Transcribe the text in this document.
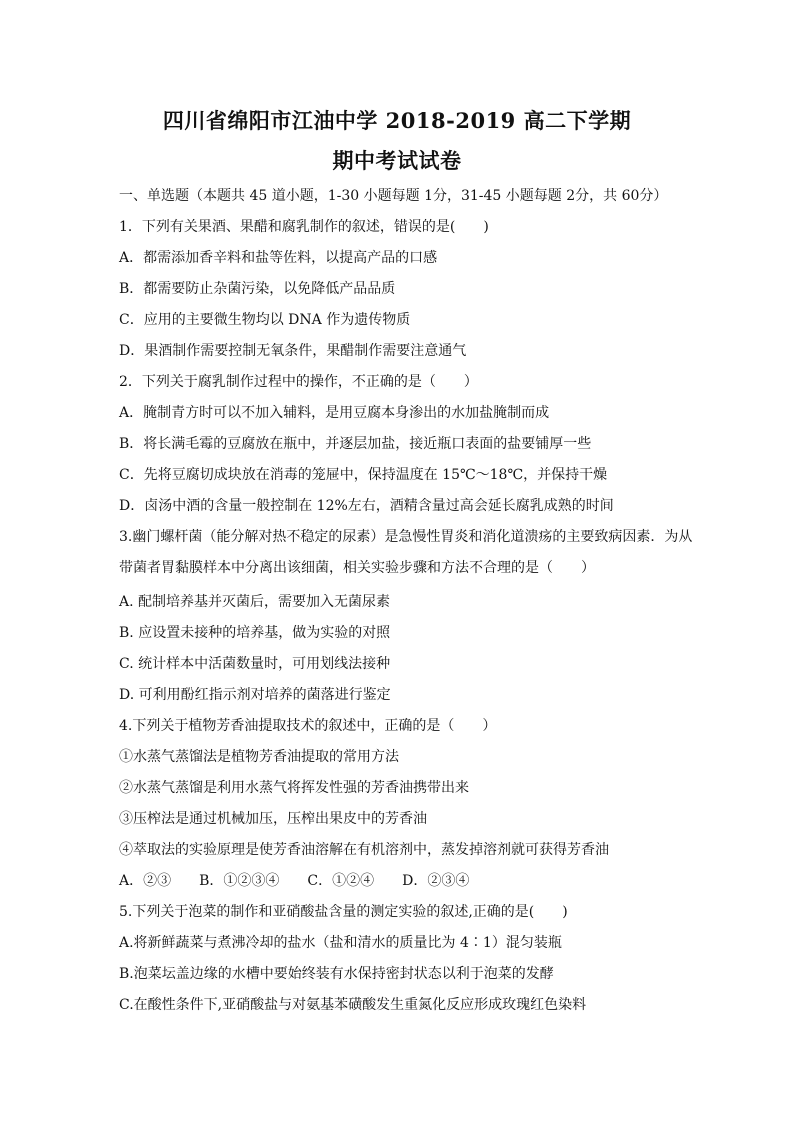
四川省绵阳市江油中学 2018-2019 高二下学期
期中考试试卷
一、单选题（本题共 45 道小题，1-30 小题每题 1分，31-45 小题每题 2分，共 60分）
1．下列有关果酒、果醋和腐乳制作的叙述，错误的是(　　)
A．都需添加香辛料和盐等佐料，以提高产品的口感
B．都需要防止杂菌污染，以免降低产品品质
C．应用的主要微生物均以 DNA 作为遗传物质
D．果酒制作需要控制无氧条件，果醋制作需要注意通气
2．下列关于腐乳制作过程中的操作，不正确的是（　　）
A．腌制青方时可以不加入辅料，是用豆腐本身渗出的水加盐腌制而成
B．将长满毛霉的豆腐放在瓶中，并逐层加盐，接近瓶口表面的盐要铺厚一些
C．先将豆腐切成块放在消毒的笼屉中，保持温度在 15℃～18℃，并保持干燥
D．卤汤中酒的含量一般控制在 12%左右，酒精含量过高会延长腐乳成熟的时间
3.幽门螺杆菌（能分解对热不稳定的尿素）是急慢性胃炎和消化道溃疡的主要致病因素．为从带菌者胃黏膜样本中分离出该细菌，相关实验步骤和方法不合理的是（　　）
A. 配制培养基并灭菌后，需要加入无菌尿素
B. 应设置未接种的培养基，做为实验的对照
C. 统计样本中活菌数量时，可用划线法接种
D. 可利用酚红指示剂对培养的菌落进行鉴定
4.下列关于植物芳香油提取技术的叙述中，正确的是（　　）
①水蒸气蒸馏法是植物芳香油提取的常用方法
②水蒸气蒸馏是利用水蒸气将挥发性强的芳香油携带出来
③压榨法是通过机械加压，压榨出果皮中的芳香油
④萃取法的实验原理是使芳香油溶解在有机溶剂中，蒸发掉溶剂就可获得芳香油
A．②③　　B．①②③④　　C．①②④　　D．②③④
5.下列关于泡菜的制作和亚硝酸盐含量的测定实验的叙述,正确的是(　　)
A.将新鲜蔬菜与煮沸冷却的盐水（盐和清水的质量比为 4∶1）混匀装瓶
B.泡菜坛盖边缘的水槽中要始终装有水保持密封状态以利于泡菜的发酵
C.在酸性条件下,亚硝酸盐与对氨基苯磺酸发生重氮化反应形成玫瑰红色染料
